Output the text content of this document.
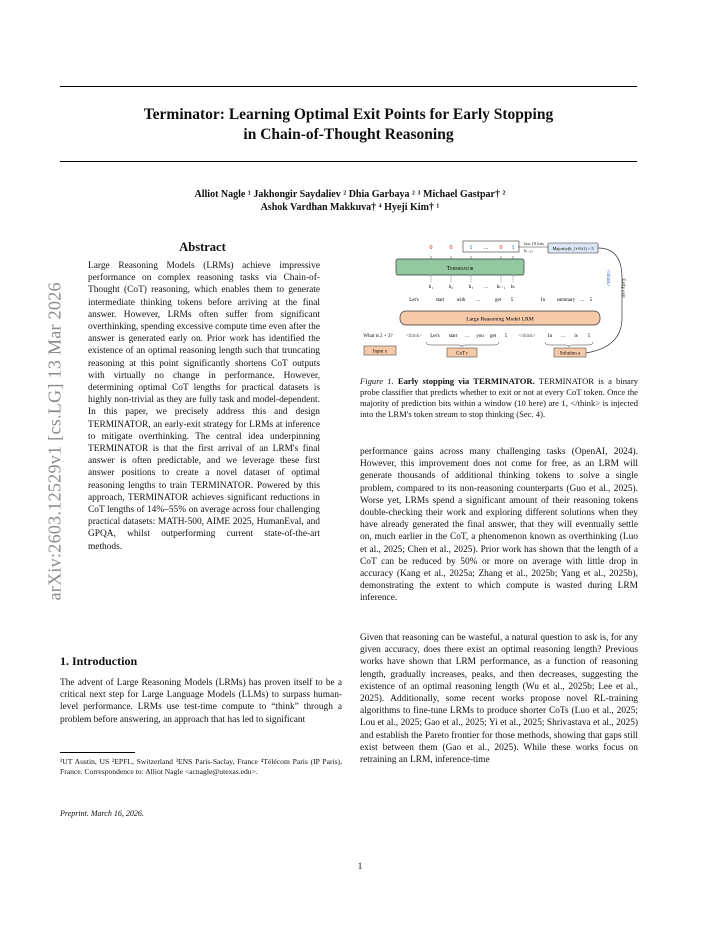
arXiv:2603.12529v1 [cs.LG] 13 Mar 2026
Terminator: Learning Optimal Exit Points for Early Stopping
in Chain-of-Thought Reasoning
Alliot Nagle ¹ Jakhongir Saydaliev ² Dhia Garbaya ² ³ Michael Gastpar† ²
Ashok Vardhan Makkuva† ⁴ Hyeji Kim† ¹
Abstract
Large Reasoning Models (LRMs) achieve impressive performance on complex reasoning tasks via Chain-of-Thought (CoT) reasoning, which enables them to generate intermediate thinking tokens before arriving at the final answer. However, LRMs often suffer from significant overthinking, spending excessive compute time even after the answer is generated early on. Prior work has identified the existence of an optimal reasoning length such that truncating reasoning at this point significantly shortens CoT outputs with virtually no change in performance. However, determining optimal CoT lengths for practical datasets is highly non-trivial as they are fully task and model-dependent. In this paper, we precisely address this and design TERMINATOR, an early-exit strategy for LRMs at inference to mitigate overthinking. The central idea underpinning TERMINATOR is that the first arrival of an LRM's final answer is often predictable, and we leverage these first answer positions to create a novel dataset of optimal reasoning lengths to train TERMINATOR. Powered by this approach, TERMINATOR achieves significant reductions in CoT lengths of 14%–55% on average across four challenging practical datasets: MATH-500, AIME 2025, HumanEval, and GPQA, whilst outperforming current state-of-the-art methods.
1. Introduction
The advent of Large Reasoning Models (LRMs) has proven itself to be a critical next step for Large Language Models (LLMs) to surpass human-level performance. LRMs use test-time compute to “think” through a problem before answering, an approach that has led to significant
¹UT Austin, US ²EPFL, Switzerland ³ENS Paris-Saclay, France ⁴Télécom Paris (IP Paris), France. Correspondence to: Alliot Nagle <acnagle@utexas.edu>.
Preprint. March 16, 2026.
0	0	1 ... 0 1
last 10 bits
bₜ₋₉:ₜ	Majority(b_{t-9:t}) > 5
Early exit
</think>
Terminator
h₁	h₂	h₃ ... hₜ₋₁ hₜ
Let's	start with ...	get 5	In summary ... 5
Large Reasoning Model LRM
What is 2 + 3?	<think> Let's start ... you get 5 </think> In ... is 5
Input x	CoT r	Solution a
Figure 1. Early stopping via TERMINATOR. TERMINATOR is a binary probe classifier that predicts whether to exit or not at every CoT token. Once the majority of prediction bits within a window (10 here) are 1, </think> is injected into the LRM's token stream to stop thinking (Sec. 4).
performance gains across many challenging tasks (OpenAI, 2024). However, this improvement does not come for free, as an LRM will generate thousands of additional thinking tokens to solve a single problem, compared to its non-reasoning counterparts (Guo et al., 2025). Worse yet, LRMs spend a significant amount of their reasoning tokens double-checking their work and exploring different solutions when they have already generated the final answer, that they will eventually settle on, much earlier in the CoT, a phenomenon known as overthinking (Luo et al., 2025; Chen et al., 2025). Prior work has shown that the length of a CoT can be reduced by 50% or more on average with little drop in accuracy (Kang et al., 2025a; Zhang et al., 2025b; Yang et al., 2025b), demonstrating the extent to which compute is wasted during LRM inference.
Given that reasoning can be wasteful, a natural question to ask is, for any given accuracy, does there exist an optimal reasoning length? Previous works have shown that LRM performance, as a function of reasoning length, gradually increases, peaks, and then decreases, suggesting the existence of an optimal reasoning length (Wu et al., 2025b; Lee et al., 2025). Additionally, some recent works propose novel RL-training algorithms to fine-tune LRMs to produce shorter CoTs (Luo et al., 2025; Lou et al., 2025; Gao et al., 2025; Yi et al., 2025; Shrivastava et al., 2025) and establish the Pareto frontier for those methods, showing that gaps still exist between them (Gao et al., 2025). While these works focus on retraining an LRM, inference-time
1
